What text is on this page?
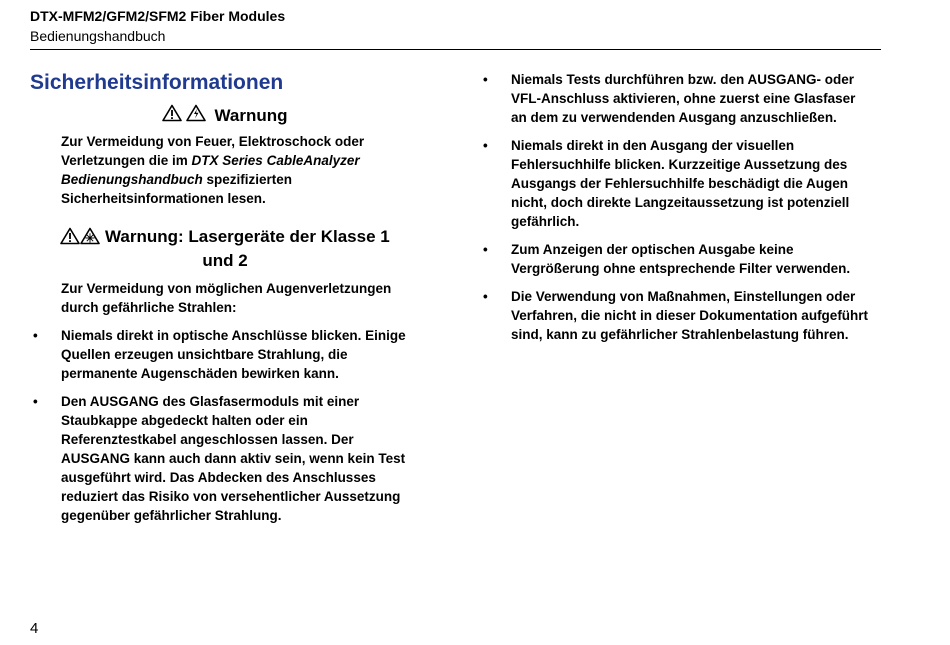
DTX-MFM2/GFM2/SFM2 Fiber Modules
Bedienungshandbuch
Sicherheitsinformationen
Warnung
Zur Vermeidung von Feuer, Elektroschock oder Verletzungen die im DTX Series CableAnalyzer Bedienungshandbuch spezifizierten Sicherheitsinformationen lesen.
Warnung: Lasergeräte der Klasse 1
und 2
Zur Vermeidung von möglichen Augenverletzungen durch gefährliche Strahlen:
• Niemals direkt in optische Anschlüsse blicken. Einige Quellen erzeugen unsichtbare Strahlung, die permanente Augenschäden bewirken kann.
• Den AUSGANG des Glasfasermoduls mit einer Staubkappe abgedeckt halten oder ein Referenztestkabel angeschlossen lassen. Der AUSGANG kann auch dann aktiv sein, wenn kein Test ausgeführt wird. Das Abdecken des Anschlusses reduziert das Risiko von versehentlicher Aussetzung gegenüber gefährlicher Strahlung.
• Niemals Tests durchführen bzw. den AUSGANG- oder VFL-Anschluss aktivieren, ohne zuerst eine Glasfaser an dem zu verwendenden Ausgang anzuschließen.
• Niemals direkt in den Ausgang der visuellen Fehlersuchhilfe blicken. Kurzzeitige Aussetzung des Ausgangs der Fehlersuchhilfe beschädigt die Augen nicht, doch direkte Langzeitaussetzung ist potenziell gefährlich.
• Zum Anzeigen der optischen Ausgabe keine Vergrößerung ohne entsprechende Filter verwenden.
• Die Verwendung von Maßnahmen, Einstellungen oder Verfahren, die nicht in dieser Dokumentation aufgeführt sind, kann zu gefährlicher Strahlenbelastung führen.
4
